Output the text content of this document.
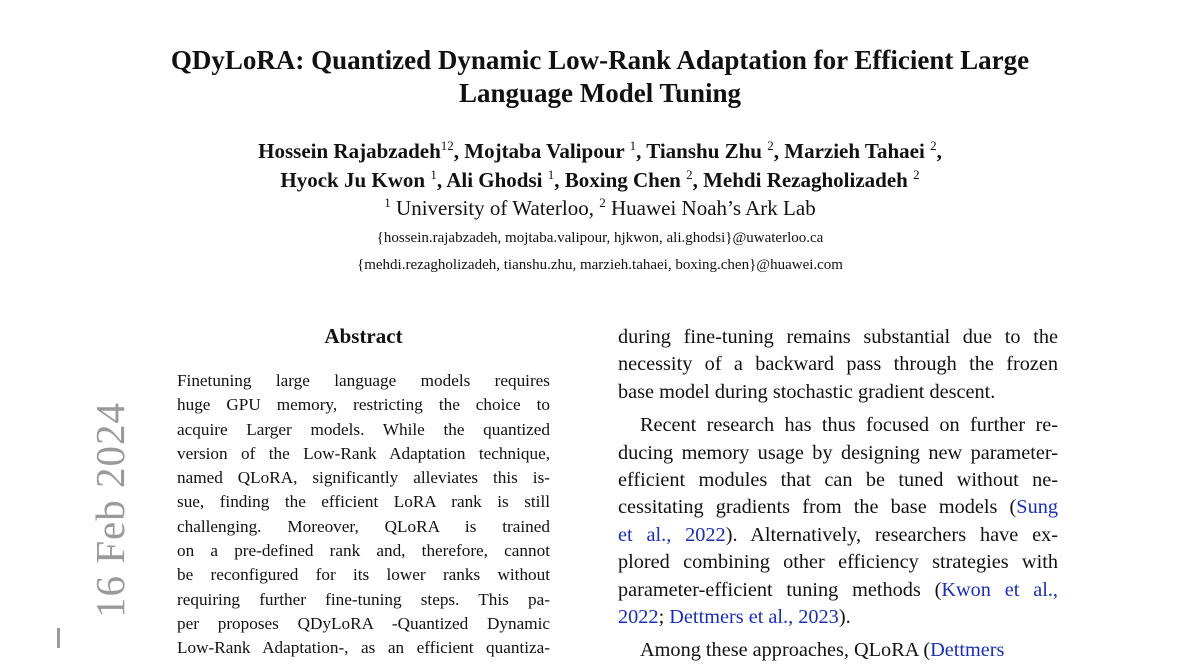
16 Feb 2024
QDyLoRA: Quantized Dynamic Low-Rank Adaptation for Efficient Large
Language Model Tuning
Hossein Rajabzadeh$^{12}$, Mojtaba Valipour $^1$, Tianshu Zhu $^2$, Marzieh Tahaei $^2$,
Hyock Ju Kwon $^1$, Ali Ghodsi $^1$, Boxing Chen $^2$, Mehdi Rezagholizadeh $^2$
$^1$ University of Waterloo, $^2$ Huawei Noah’s Ark Lab
{hossein.rajabzadeh, mojtaba.valipour, hjkwon, ali.ghodsi}@uwaterloo.ca
{mehdi.rezagholizadeh, tianshu.zhu, marzieh.tahaei, boxing.chen}@huawei.com
Abstract
Finetuning large language models requires
huge GPU memory, restricting the choice to
acquire Larger models. While the quantized
version of the Low-Rank Adaptation technique,
named QLoRA, significantly alleviates this is-
sue, finding the efficient LoRA rank is still
challenging. Moreover, QLoRA is trained
on a pre-defined rank and, therefore, cannot
be reconfigured for its lower ranks without
requiring further fine-tuning steps. This pa-
per proposes QDyLoRA -Quantized Dynamic
Low-Rank Adaptation-, as an efficient quantiza-
during fine-tuning remains substantial due to the
necessity of a backward pass through the frozen
base model during stochastic gradient descent.
Recent research has thus focused on further re-
ducing memory usage by designing new parameter-
efficient modules that can be tuned without ne-
cessitating gradients from the base models (Sung
et al., 2022). Alternatively, researchers have ex-
plored combining other efficiency strategies with
parameter-efficient tuning methods (Kwon et al.,
2022; Dettmers et al., 2023).
Among these approaches, QLoRA (Dettmers
